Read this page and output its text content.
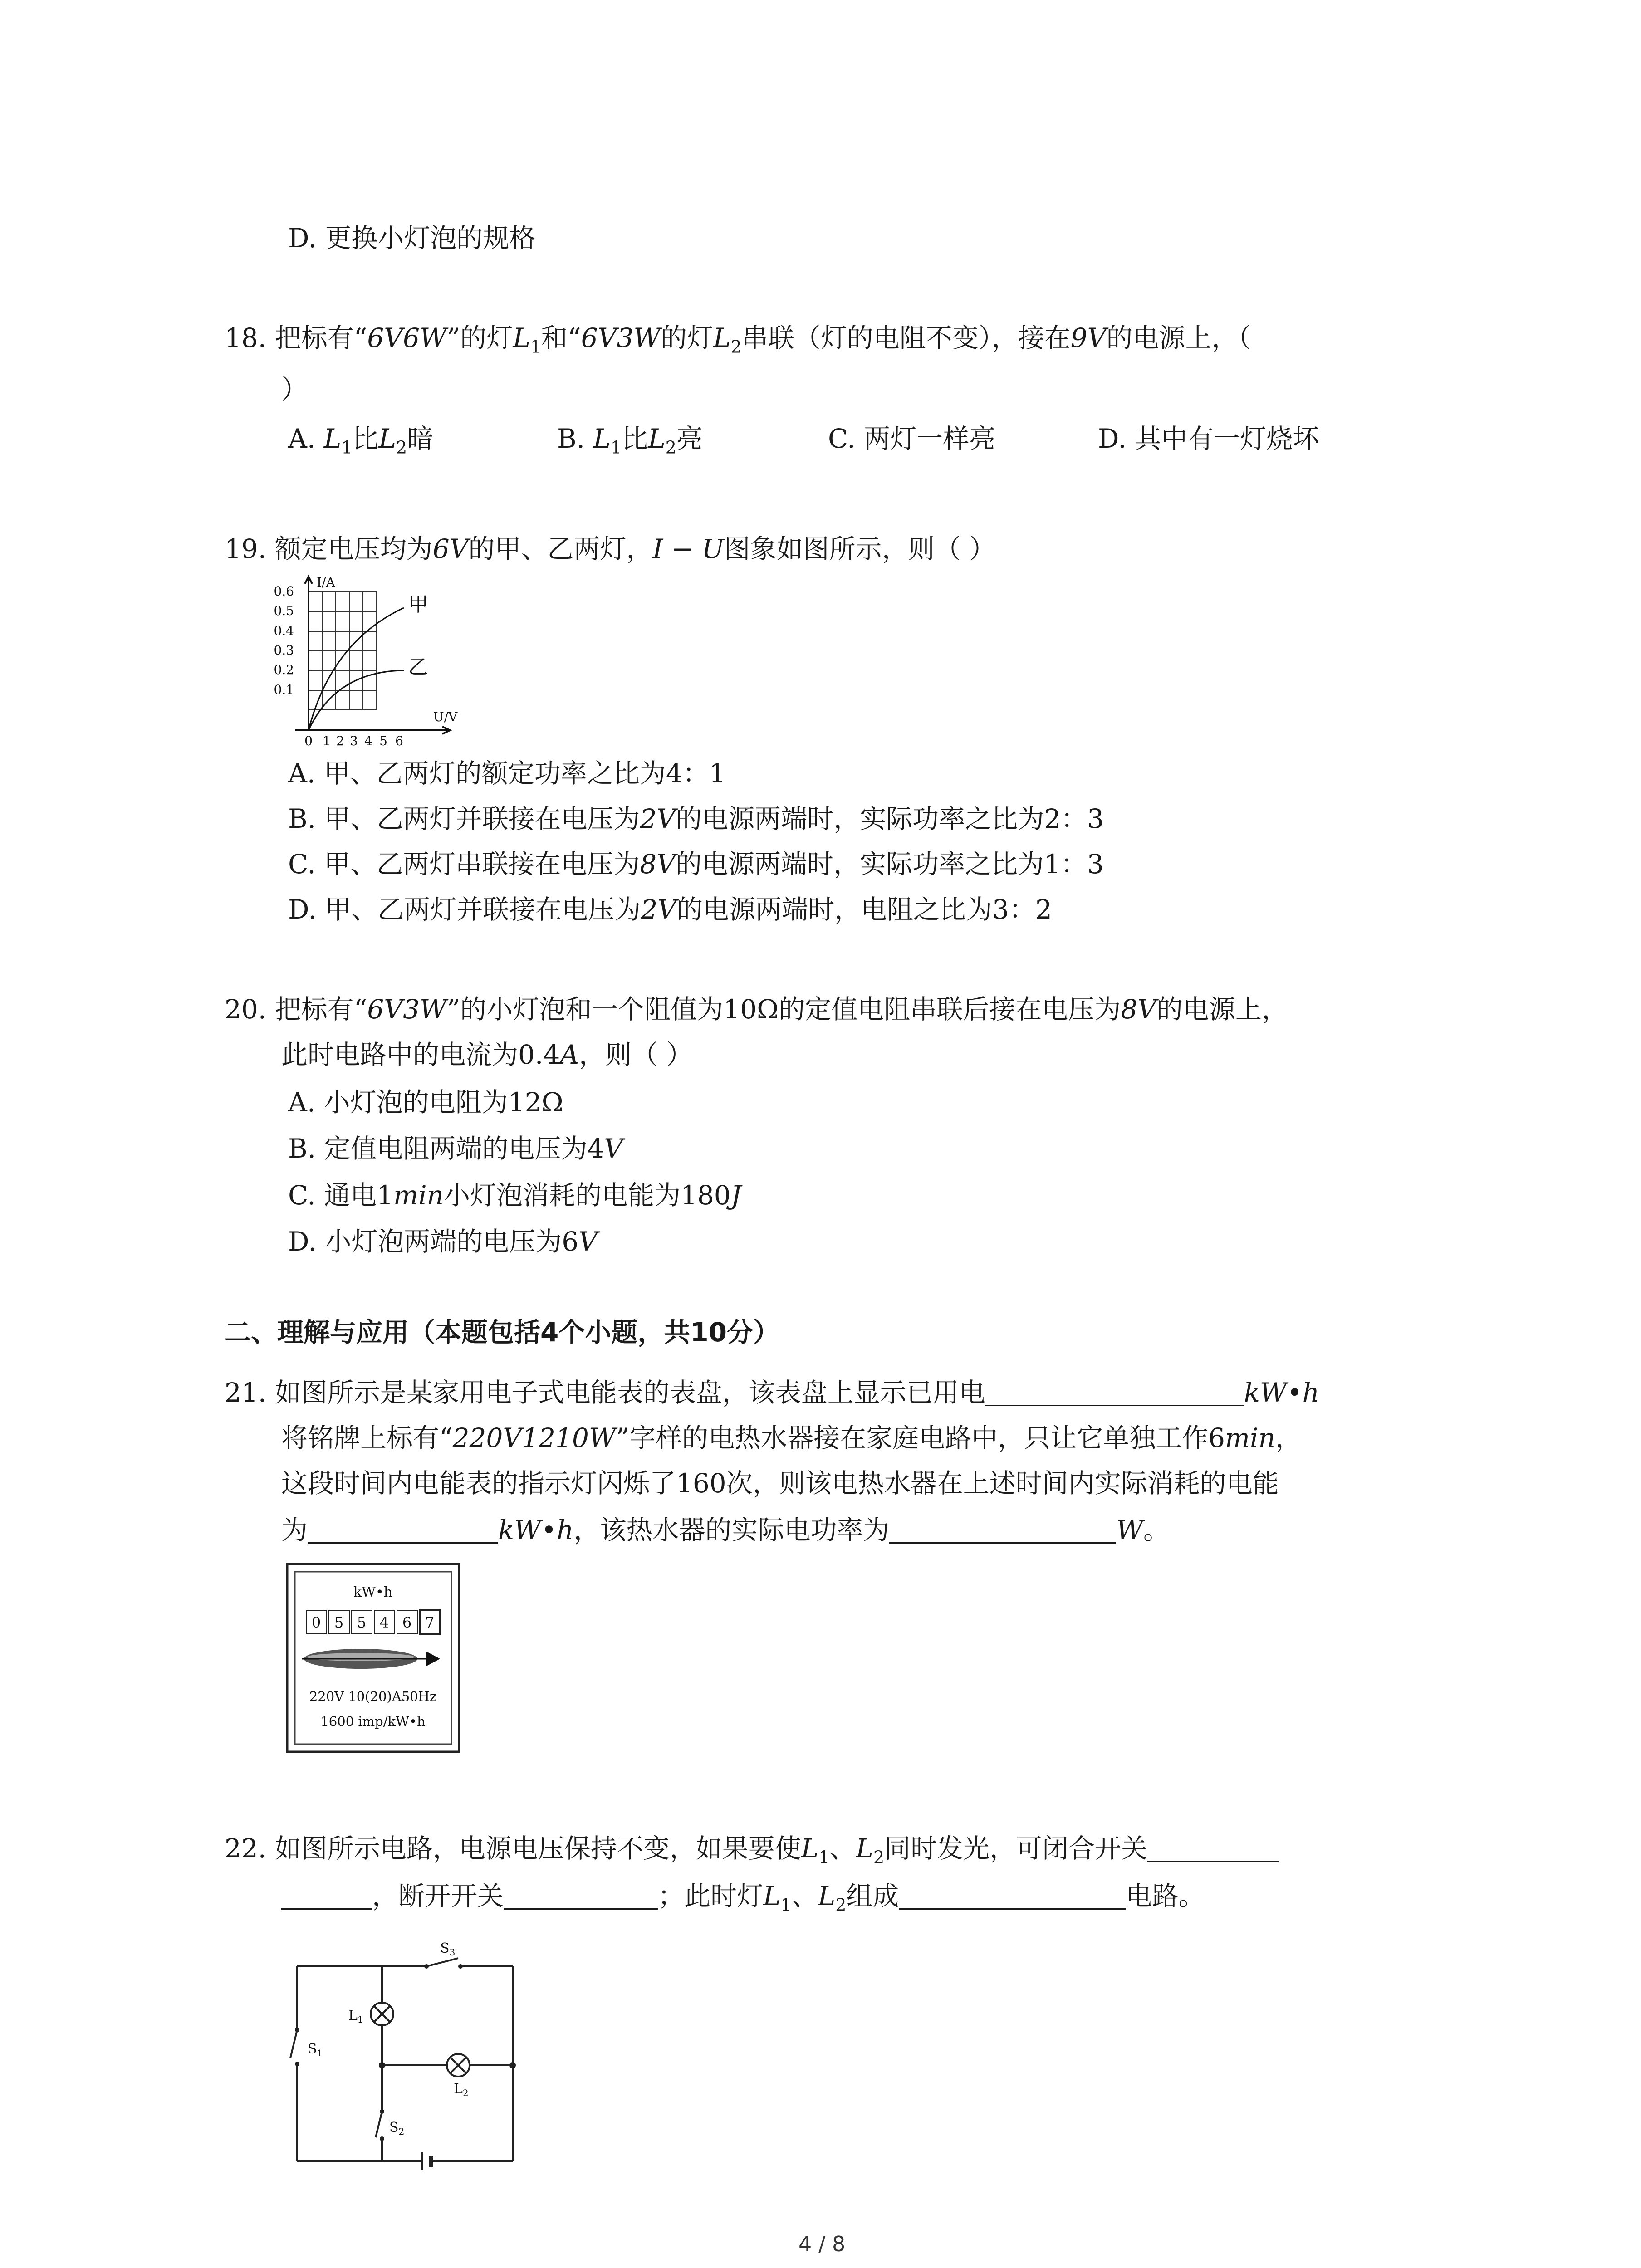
D. 更换小灯泡的规格
18. 把标有“6V6W”的灯$L_1$和“6V3W的灯$L_2$串联（灯的电阻不变），接在9V的电源上，（
）
A. $L_1$比$L_2$暗	B. $L_1$比$L_2$亮	C. 两灯一样亮	D. 其中有一灯烧坏
19. 额定电压均为6V的甲、乙两灯，I − U图象如图所示，则（ ）
0.6
0.5
0.4
0.3
0.2
0.1
I/A
U/V
0 1 2 3 4 5 6
甲
乙
A. 甲、乙两灯的额定功率之比为4：1
B. 甲、乙两灯并联接在电压为2V的电源两端时，实际功率之比为2：3
C. 甲、乙两灯串联接在电压为8V的电源两端时，实际功率之比为1：3
D. 甲、乙两灯并联接在电压为2V的电源两端时，电阻之比为3：2
20. 把标有“6V3W”的小灯泡和一个阻值为10Ω的定值电阻串联后接在电压为8V的电源上，
此时电路中的电流为0.4A，则（ ）
A. 小灯泡的电阻为12Ω
B. 定值电阻两端的电压为4V
C. 通电1min小灯泡消耗的电能为180J
D. 小灯泡两端的电压为6V
二、理解与应用（本题包括4个小题，共10分）
21. 如图所示是某家用电子式电能表的表盘，该表盘上显示已用电	kW•h
将铭牌上标有“220V1210W”字样的电热水器接在家庭电路中，只让它单独工作6min，
这段时间内电能表的指示灯闪烁了160次，则该电热水器在上述时间内实际消耗的电能
为	kW•h，该热水器的实际电功率为	W。
kW•h
0 5 5 4 6 7
220V 10(20)A50Hz
1600 imp/kW•h
22. 如图所示电路，电源电压保持不变，如果要使$L_1$、$L_2$同时发光，可闭合开关
，断开开关	；此时灯$L_1$、$L_2$组成	电路。
$S_3$
$L_1$
$S_1$
$L_2$
$S_2$
4 / 8
